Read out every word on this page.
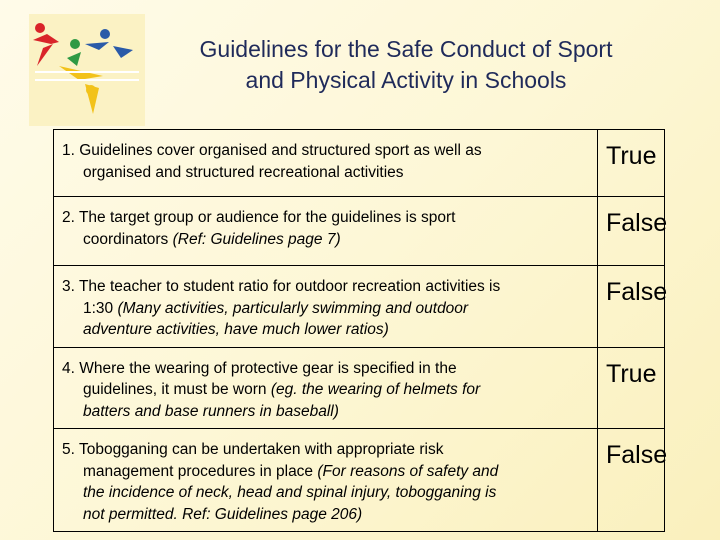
Guidelines for the Safe Conduct of Sport
and Physical Activity in Schools
1. Guidelines cover organised and structured sport as well as
organised and structured recreational activities	True

2. The target group or audience for the guidelines is sport
coordinators (Ref: Guidelines page 7)	False

3. The teacher to student ratio for outdoor recreation activities is
1:30 (Many activities, particularly swimming and outdoor
adventure activities, have much lower ratios)	False

4. Where the wearing of protective gear is specified in the
guidelines, it must be worn (eg. the wearing of helmets for
batters and base runners in baseball)	True

5. Tobogganing can be undertaken with appropriate risk
management procedures in place (For reasons of safety and
the incidence of neck, head and spinal injury, tobogganing is
not permitted. Ref: Guidelines page 206)	False
